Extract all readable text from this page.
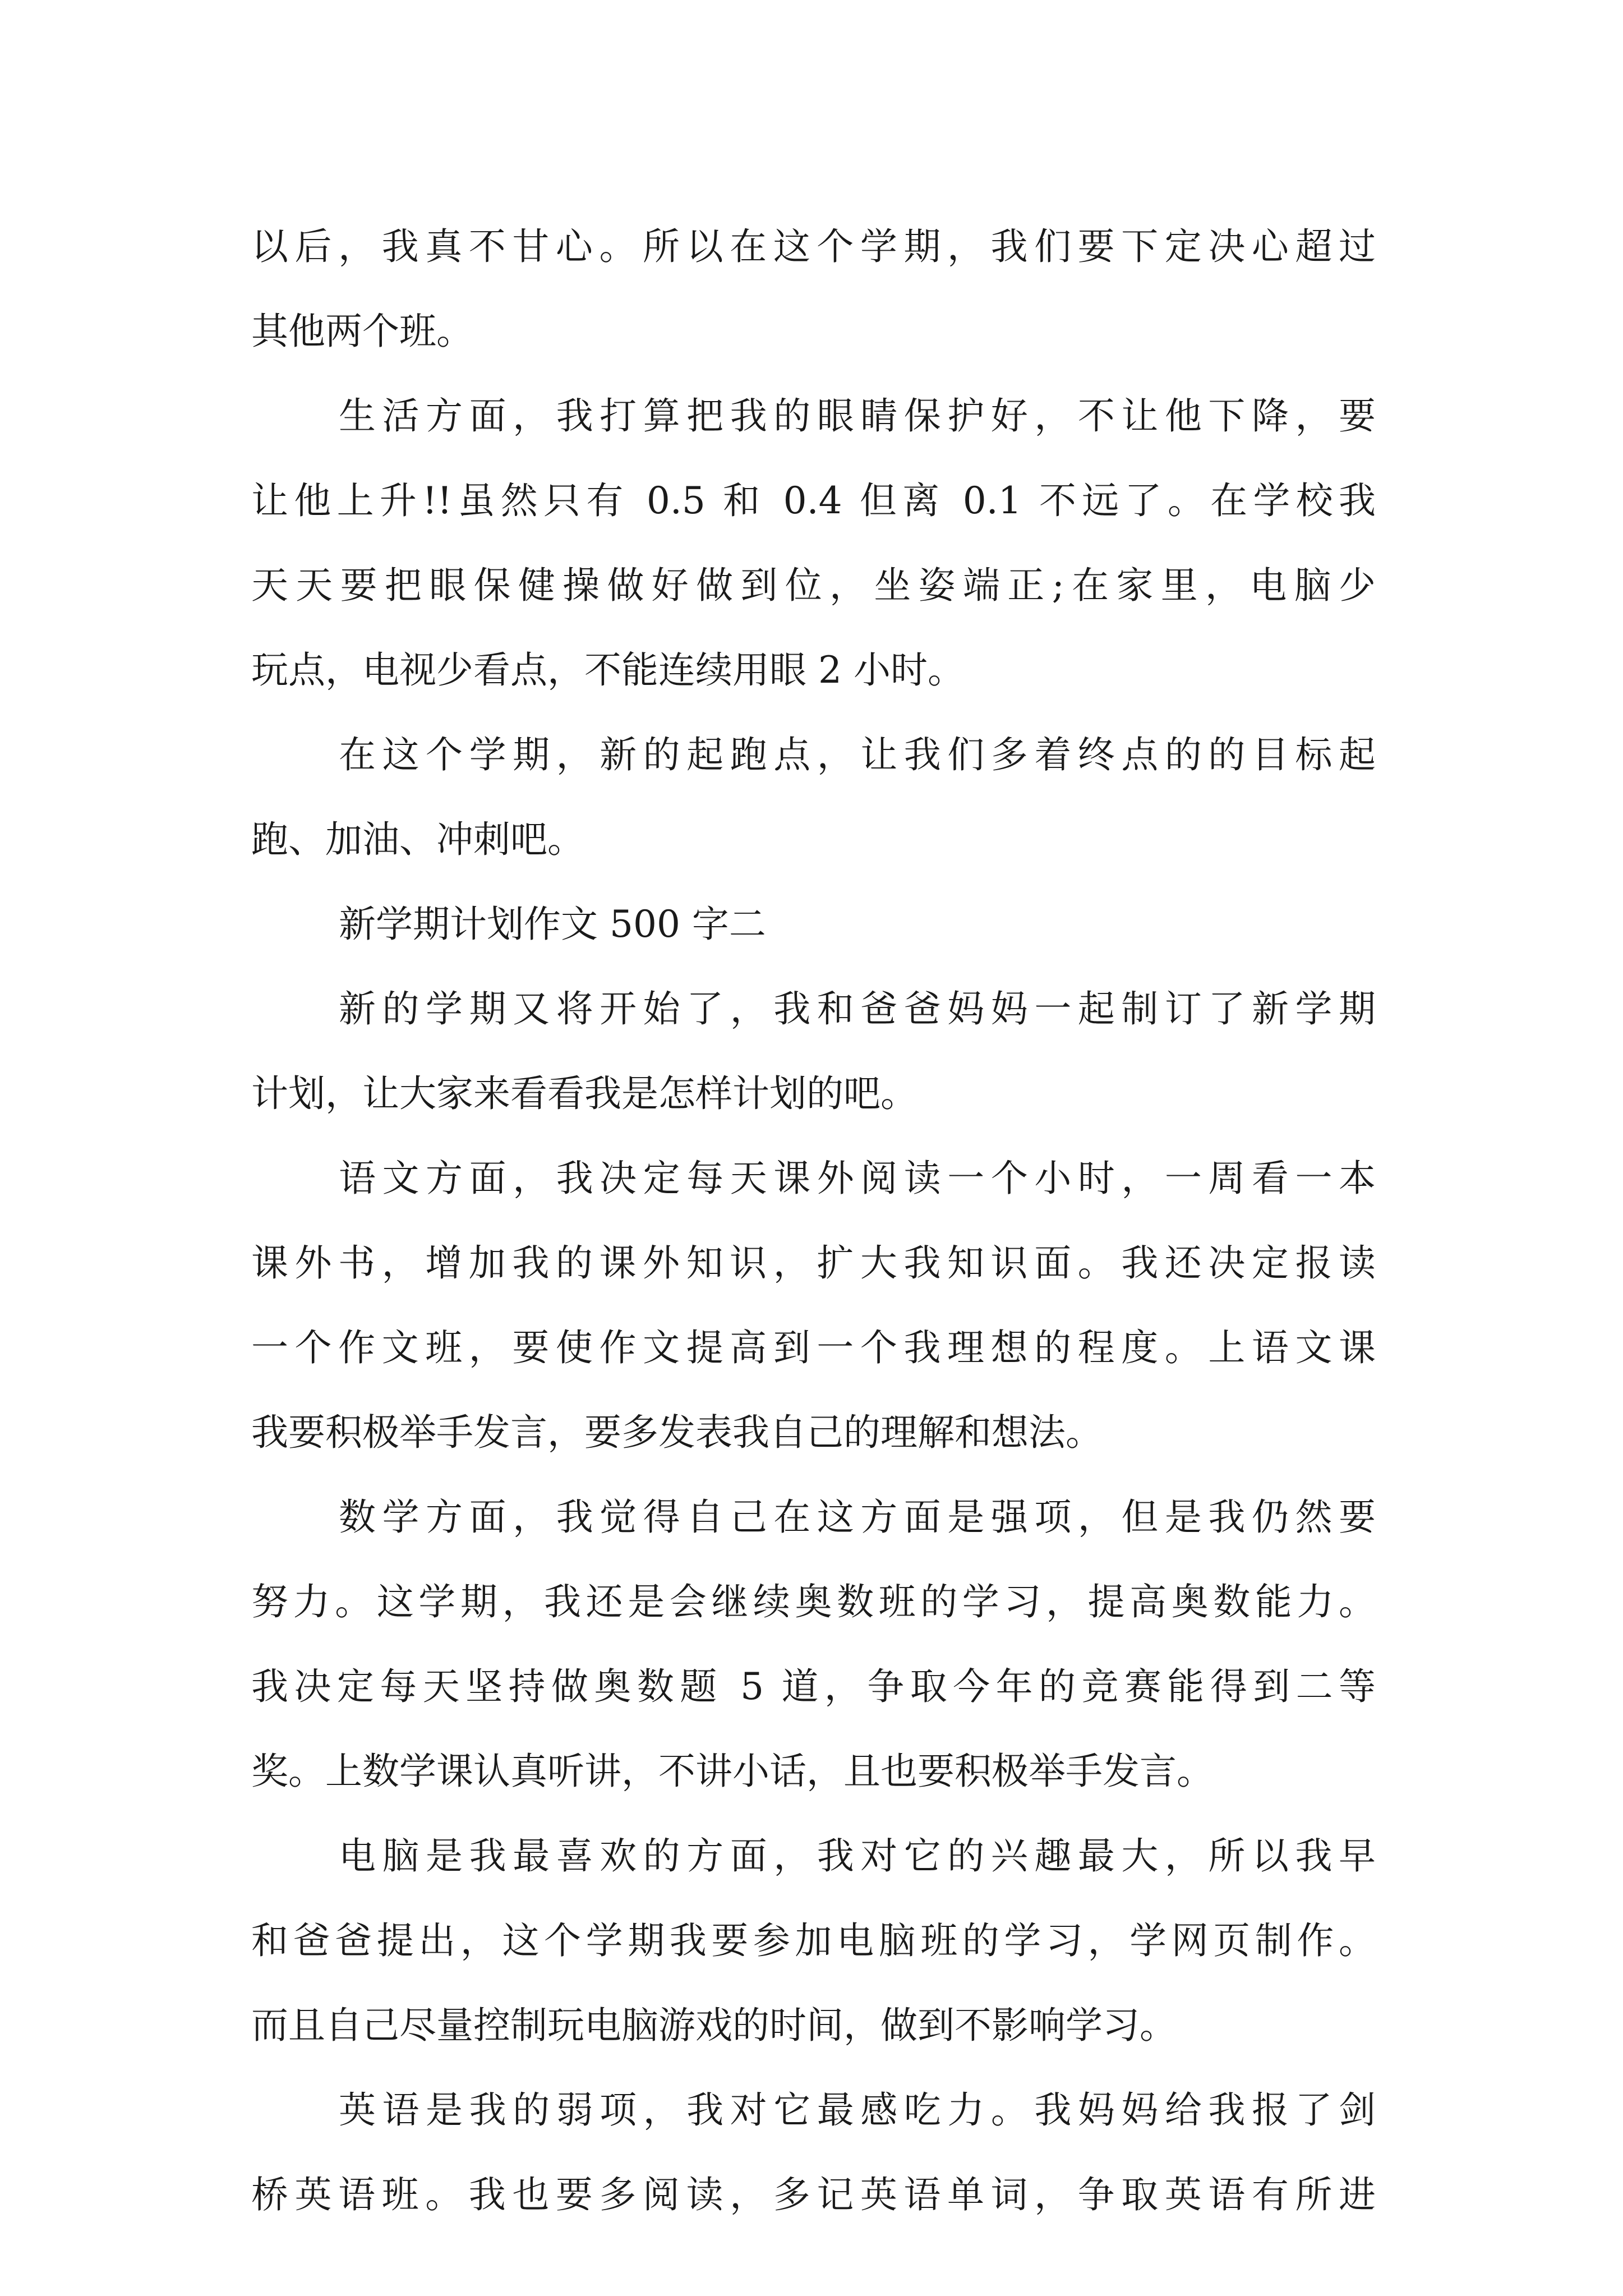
以后，我真不甘心。所以在这个学期，我们要下定决心超过
其他两个班。
生活方面，我打算把我的眼睛保护好，不让他下降，要
让他上升!!虽然只有 0.5 和 0.4 但离 0.1 不远了。在学校我
天天要把眼保健操做好做到位，坐姿端正;在家里，电脑少
玩点，电视少看点，不能连续用眼 2 小时。
在这个学期，新的起跑点，让我们多着终点的的目标起
跑、加油、冲刺吧。
新学期计划作文 500 字二
新的学期又将开始了，我和爸爸妈妈一起制订了新学期
计划，让大家来看看我是怎样计划的吧。
语文方面，我决定每天课外阅读一个小时，一周看一本
课外书，增加我的课外知识，扩大我知识面。我还决定报读
一个作文班，要使作文提高到一个我理想的程度。上语文课
我要积极举手发言，要多发表我自己的理解和想法。
数学方面，我觉得自己在这方面是强项，但是我仍然要
努力。这学期，我还是会继续奥数班的学习，提高奥数能力。
我决定每天坚持做奥数题 5 道，争取今年的竞赛能得到二等
奖。上数学课认真听讲，不讲小话，且也要积极举手发言。
电脑是我最喜欢的方面，我对它的兴趣最大，所以我早
和爸爸提出，这个学期我要参加电脑班的学习，学网页制作。
而且自己尽量控制玩电脑游戏的时间，做到不影响学习。
英语是我的弱项，我对它最感吃力。我妈妈给我报了剑
桥英语班。我也要多阅读，多记英语单词，争取英语有所进
